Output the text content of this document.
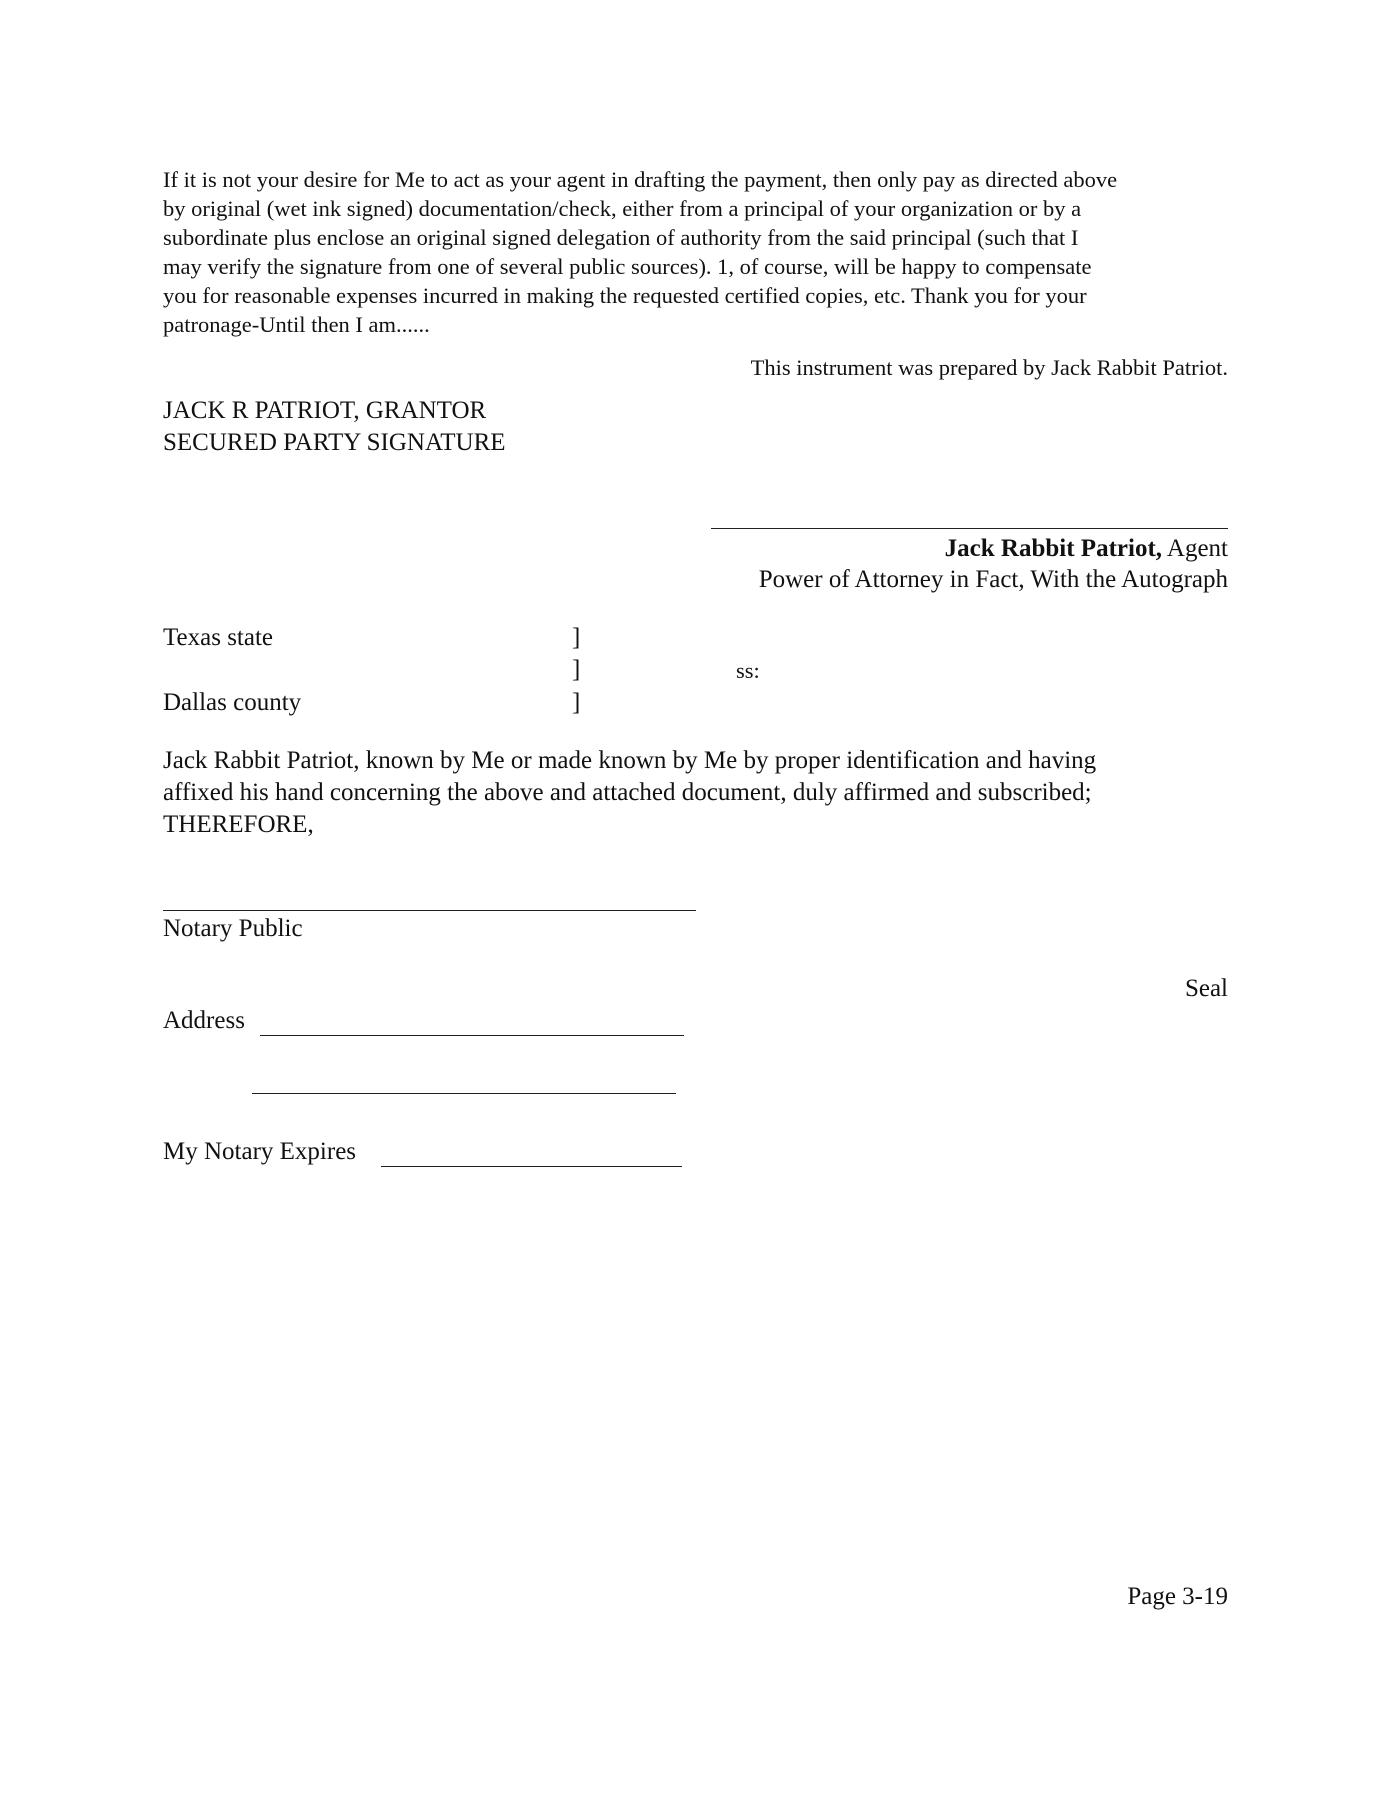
If it is not your desire for Me to act as your agent in drafting the payment, then only pay as directed above
by original (wet ink signed) documentation/check, either from a principal of your organization or by a
subordinate plus enclose an original signed delegation of authority from the said principal (such that I
may verify the signature from one of several public sources). 1, of course, will be happy to compensate
you for reasonable expenses incurred in making the requested certified copies, etc. Thank you for your
patronage-Until then I am......
This instrument was prepared by Jack Rabbit Patriot.
JACK R PATRIOT, GRANTOR
SECURED PARTY SIGNATURE
Jack Rabbit Patriot, Agent
Power of Attorney in Fact, With the Autograph
Texas state
Dallas county
]
]
]
ss:
Jack Rabbit Patriot, known by Me or made known by Me by proper identification and having
affixed his hand concerning the above and attached document, duly affirmed and subscribed;
THEREFORE,
Notary Public
Seal
Address
My Notary Expires
Page 3-19
